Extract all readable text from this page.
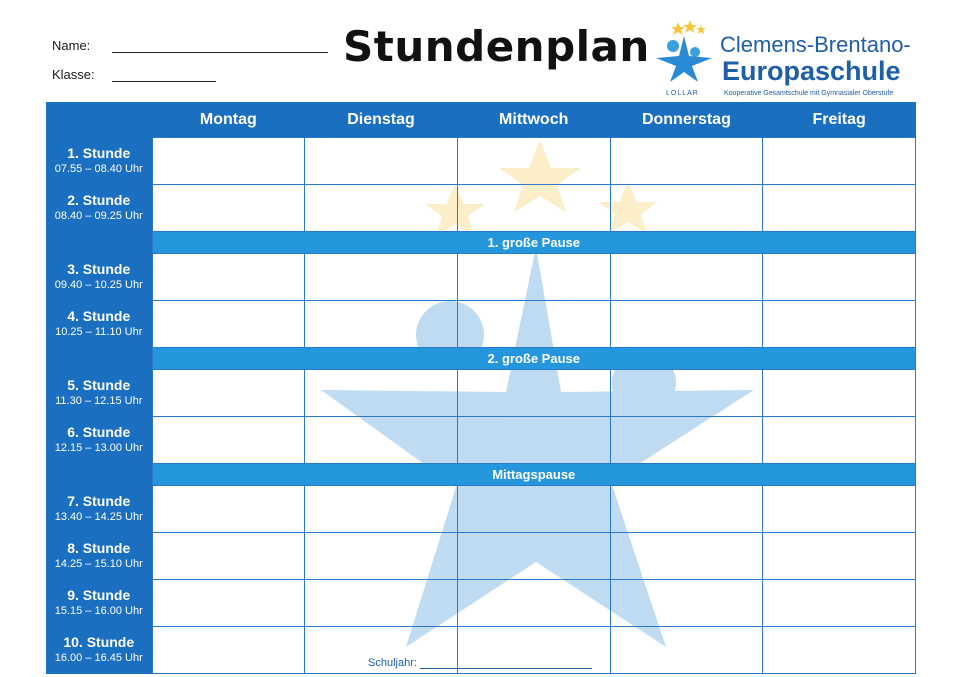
Name:
Klasse:
Stundenplan	Clemens-Brentano-
Europaschule
LOLLAR	Kooperative Gesamtschule mit Gymnasialer Oberstufe
	Montag	Dienstag	Mittwoch	Donnerstag	Freitag

1. Stunde
07.55 – 08.40 Uhr					

2. Stunde
08.40 – 09.25 Uhr					

	1. große Pause				

3. Stunde
09.40 – 10.25 Uhr					

4. Stunde
10.25 – 11.10 Uhr					

	2. große Pause				

5. Stunde
11.30 – 12.15 Uhr					

6. Stunde
12.15 – 13.00 Uhr					

	Mittagspause				

7. Stunde
13.40 – 14.25 Uhr					

8. Stunde
14.25 – 15.10 Uhr					

9. Stunde
15.15 – 16.00 Uhr					

10. Stunde
16.00 – 16.45 Uhr					
						Schuljahr:
